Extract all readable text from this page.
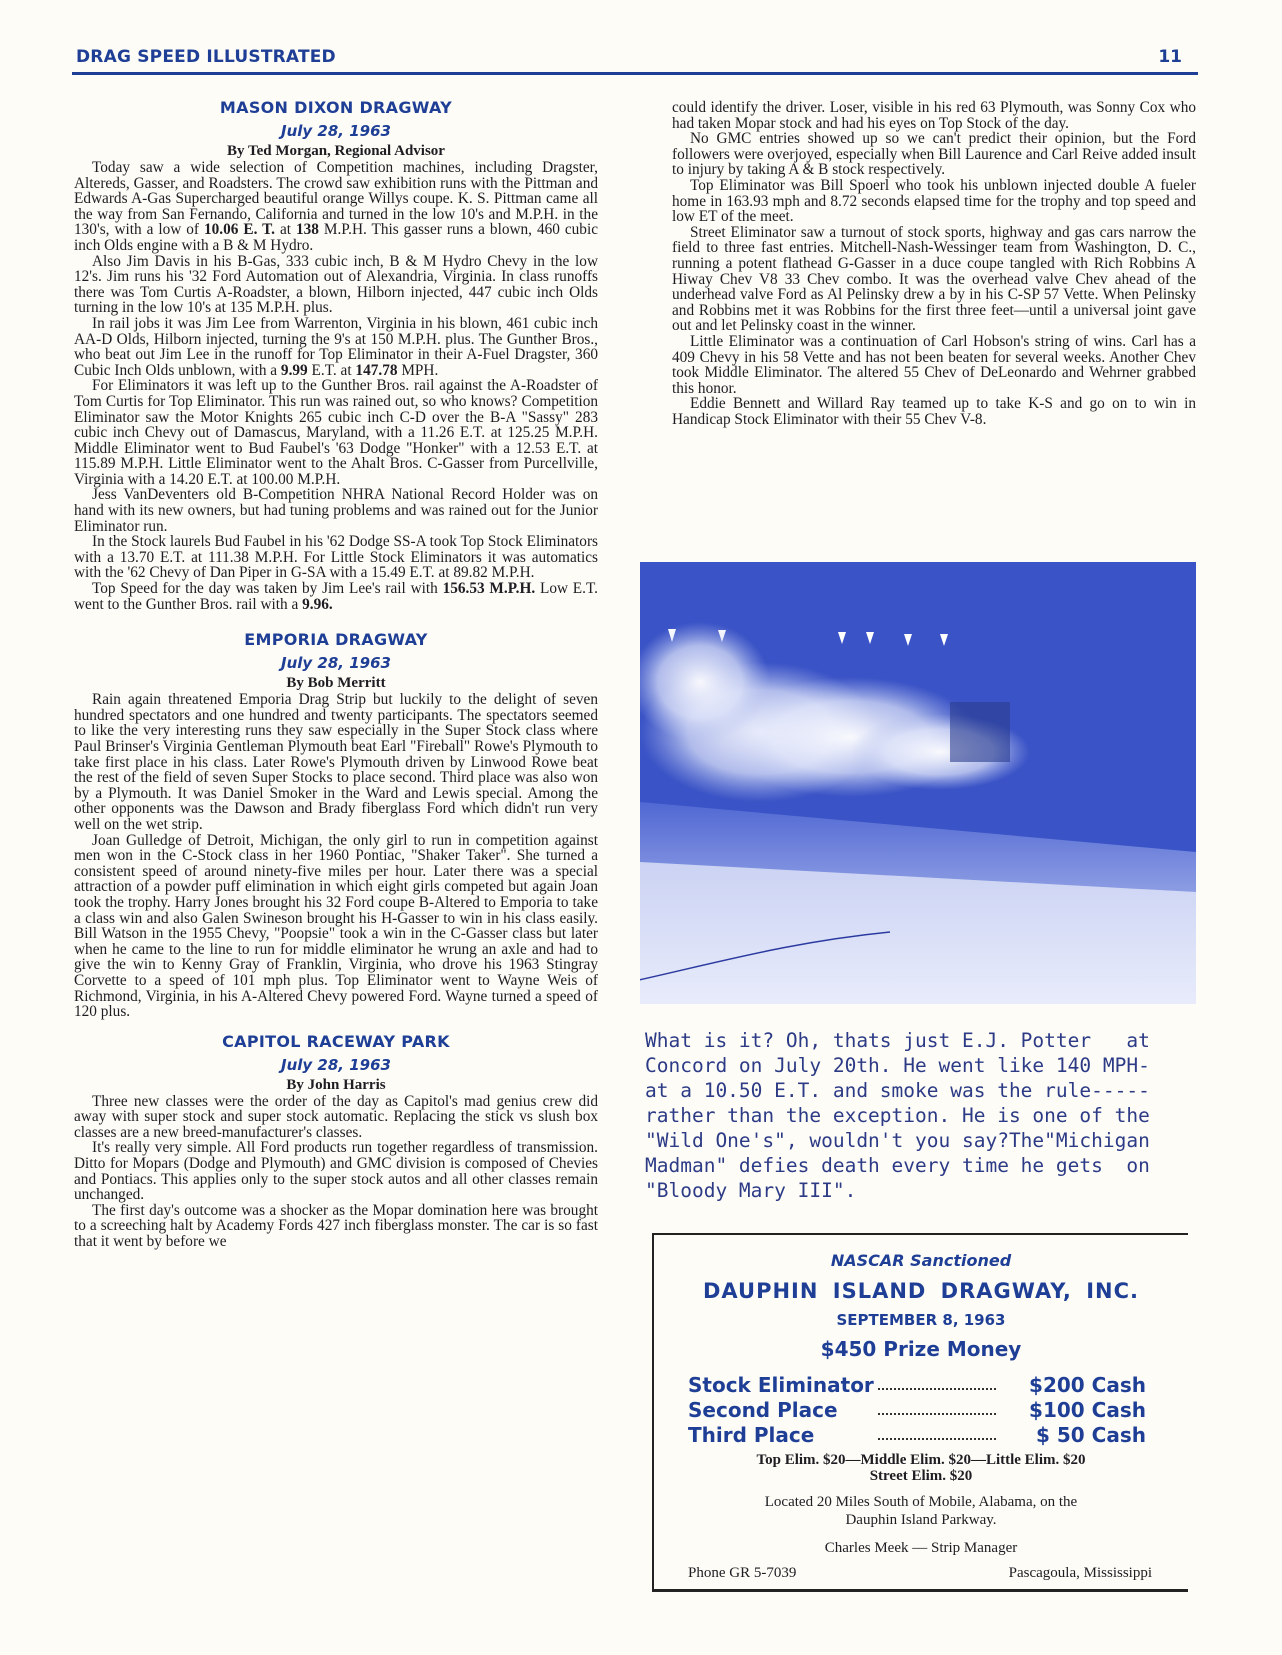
DRAG SPEED ILLUSTRATED	11
MASON DIXON DRAGWAY
July 28, 1963
By Ted Morgan, Regional Advisor

Today saw a wide selection of Competition machines, including Dragster, Altereds, Gasser, and Roadsters. The crowd saw exhibition runs with the Pittman and Edwards A-Gas Supercharged beautiful orange Willys coupe. K. S. Pittman came all the way from San Fernando, California and turned in the low 10's and M.P.H. in the 130's, with a low of 10.06 E. T. at 138 M.P.H. This gasser runs a blown, 460 cubic inch Olds engine with a B & M Hydro.

Also Jim Davis in his B-Gas, 333 cubic inch, B & M Hydro Chevy in the low 12's. Jim runs his '32 Ford Automation out of Alexandria, Virginia. In class runoffs there was Tom Curtis A-Roadster, a blown, Hilborn injected, 447 cubic inch Olds turning in the low 10's at 135 M.P.H. plus.

In rail jobs it was Jim Lee from Warrenton, Virginia in his blown, 461 cubic inch AA-D Olds, Hilborn injected, turning the 9's at 150 M.P.H. plus. The Gunther Bros., who beat out Jim Lee in the runoff for Top Eliminator in their A-Fuel Dragster, 360 Cubic Inch Olds unblown, with a 9.99 E.T. at 147.78 MPH.

For Eliminators it was left up to the Gunther Bros. rail against the A-Roadster of Tom Curtis for Top Eliminator. This run was rained out, so who knows? Competition Eliminator saw the Motor Knights 265 cubic inch C-D over the B-A "Sassy" 283 cubic inch Chevy out of Damascus, Maryland, with a 11.26 E.T. at 125.25 M.P.H. Middle Eliminator went to Bud Faubel's '63 Dodge "Honker" with a 12.53 E.T. at 115.89 M.P.H. Little Eliminator went to the Ahalt Bros. C-Gasser from Purcellville, Virginia with a 14.20 E.T. at 100.00 M.P.H.

Jess VanDeventers old B-Competition NHRA National Record Holder was on hand with its new owners, but had tuning problems and was rained out for the Junior Eliminator run.

In the Stock laurels Bud Faubel in his '62 Dodge SS-A took Top Stock Eliminators with a 13.70 E.T. at 111.38 M.P.H. For Little Stock Eliminators it was automatics with the '62 Chevy of Dan Piper in G-SA with a 15.49 E.T. at 89.82 M.P.H.

Top Speed for the day was taken by Jim Lee's rail with 156.53 M.P.H. Low E.T. went to the Gunther Bros. rail with a 9.96.

EMPORIA DRAGWAY
July 28, 1963
By Bob Merritt

Rain again threatened Emporia Drag Strip but luckily to the delight of seven hundred spectators and one hundred and twenty participants. The spectators seemed to like the very interesting runs they saw especially in the Super Stock class where Paul Brinser's Virginia Gentleman Plymouth beat Earl "Fireball" Rowe's Plymouth to take first place in his class. Later Rowe's Plymouth driven by Linwood Rowe beat the rest of the field of seven Super Stocks to place second. Third place was also won by a Plymouth. It was Daniel Smoker in the Ward and Lewis special. Among the other opponents was the Dawson and Brady fiberglass Ford which didn't run very well on the wet strip.

Joan Gulledge of Detroit, Michigan, the only girl to run in competition against men won in the C-Stock class in her 1960 Pontiac, "Shaker Taker". She turned a consistent speed of around ninety-five miles per hour. Later there was a special attraction of a powder puff elimination in which eight girls competed but again Joan took the trophy. Harry Jones brought his 32 Ford coupe B-Altered to Emporia to take a class win and also Galen Swineson brought his H-Gasser to win in his class easily. Bill Watson in the 1955 Chevy, "Poopsie" took a win in the C-Gasser class but later when he came to the line to run for middle eliminator he wrung an axle and had to give the win to Kenny Gray of Franklin, Virginia, who drove his 1963 Stingray Corvette to a speed of 101 mph plus. Top Eliminator went to Wayne Weis of Richmond, Virginia, in his A-Altered Chevy powered Ford. Wayne turned a speed of 120 plus.

CAPITOL RACEWAY PARK
July 28, 1963
By John Harris

Three new classes were the order of the day as Capitol's mad genius crew did away with super stock and super stock automatic. Replacing the stick vs slush box classes are a new breed-manufacturer's classes.

It's really very simple. All Ford products run together regardless of transmission. Ditto for Mopars (Dodge and Plymouth) and GMC division is composed of Chevies and Pontiacs. This applies only to the super stock autos and all other classes remain unchanged.

The first day's outcome was a shocker as the Mopar domination here was brought to a screeching halt by Academy Fords 427 inch fiberglass monster. The car is so fast that it went by before we

could identify the driver. Loser, visible in his red 63 Plymouth, was Sonny Cox who had taken Mopar stock and had his eyes on Top Stock of the day.

No GMC entries showed up so we can't predict their opinion, but the Ford followers were overjoyed, especially when Bill Laurence and Carl Reive added insult to injury by taking A & B stock respectively.

Top Eliminator was Bill Spoerl who took his unblown injected double A fueler home in 163.93 mph and 8.72 seconds elapsed time for the trophy and top speed and low ET of the meet.

Street Eliminator saw a turnout of stock sports, highway and gas cars narrow the field to three fast entries. Mitchell-Nash-Wessinger team from Washington, D. C., running a potent flathead G-Gasser in a duce coupe tangled with Rich Robbins A Hiway Chev V8 33 Chev combo. It was the overhead valve Chev ahead of the underhead valve Ford as Al Pelinsky drew a by in his C-SP 57 Vette. When Pelinsky and Robbins met it was Robbins for the first three feet—until a universal joint gave out and let Pelinsky coast in the winner.

Little Eliminator was a continuation of Carl Hobson's string of wins. Carl has a 409 Chevy in his 58 Vette and has not been beaten for several weeks. Another Chev took Middle Eliminator. The altered 55 Chev of DeLeonardo and Wehrner grabbed this honor.

Eddie Bennett and Willard Ray teamed up to take K-S and go on to win in Handicap Stock Eliminator with their 55 Chev V-8.

What is it? Oh, thats just E.J. Potter   at
Concord on July 20th. He went like 140 MPH-
at a 10.50 E.T. and smoke was the rule-----
rather than the exception. He is one of the
"Wild One's", wouldn't you say?The"Michigan
Madman" defies death every time he gets  on
"Bloody Mary III".
NASCAR Sanctioned
DAUPHIN ISLAND DRAGWAY, INC.
SEPTEMBER 8, 1963
$450 Prize Money
Stock Eliminator	$200 Cash
Second Place	$100 Cash
Third Place	$ 50 Cash
Top Elim. $20—Middle Elim. $20—Little Elim. $20
Street Elim. $20
Located 20 Miles South of Mobile, Alabama, on the
Dauphin Island Parkway.
Charles Meek — Strip Manager
Phone GR 5-7039	Pascagoula, Mississippi
